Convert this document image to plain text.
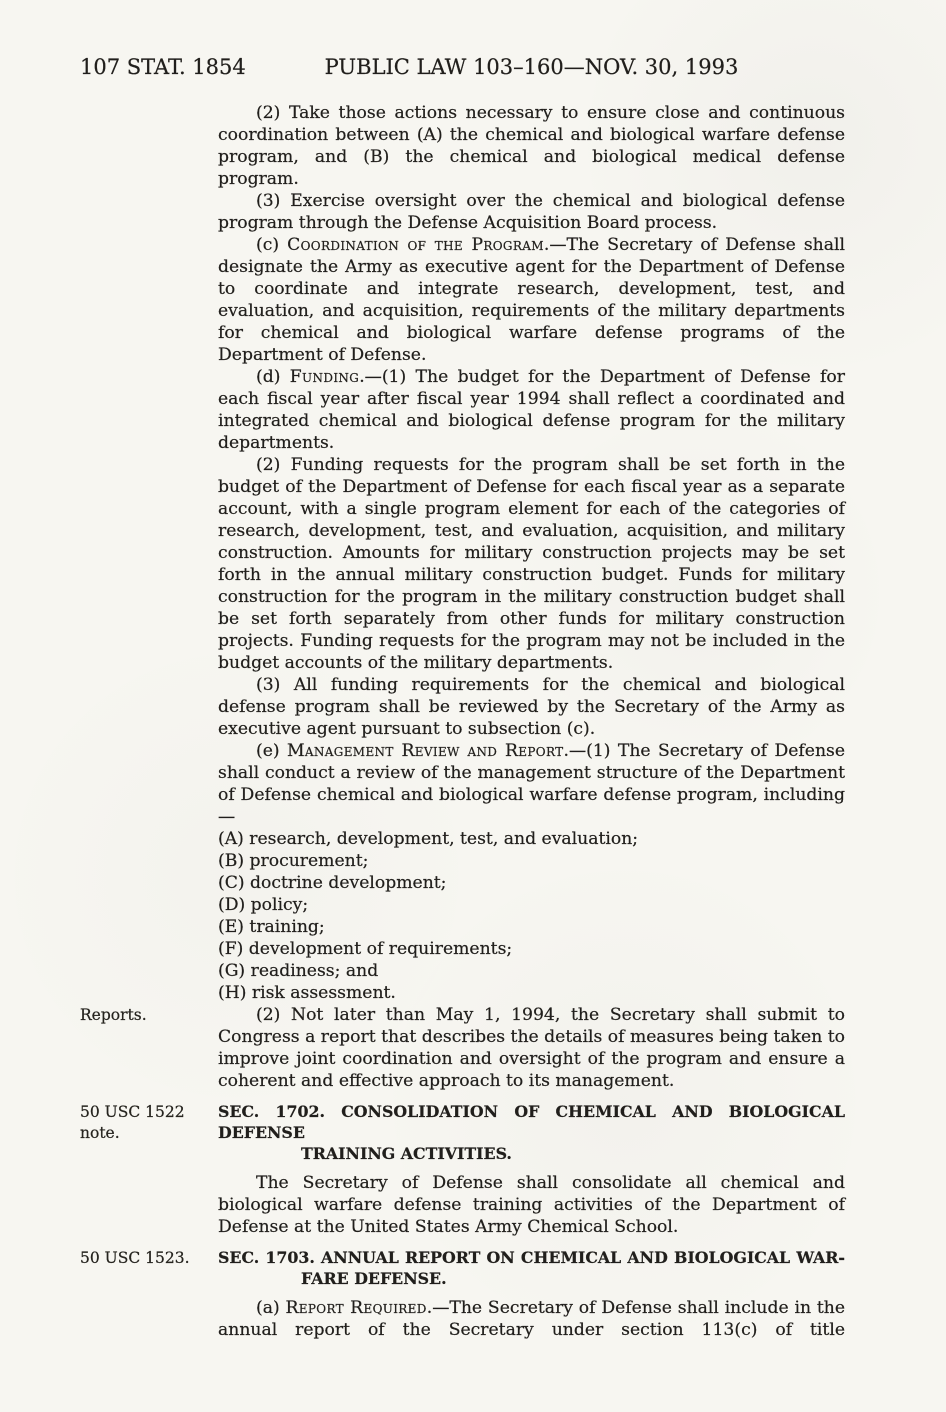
107 STAT. 1854	PUBLIC LAW 103–160—NOV. 30, 1993

(2) Take those actions necessary to ensure close and continuous coordination between (A) the chemical and biological warfare defense program, and (B) the chemical and biological medical defense program.

(3) Exercise oversight over the chemical and biological defense program through the Defense Acquisition Board process.

(c) Coordination of the Program.—The Secretary of Defense shall designate the Army as executive agent for the Department of Defense to coordinate and integrate research, development, test, and evaluation, and acquisition, requirements of the military departments for chemical and biological warfare defense programs of the Department of Defense.

(d) Funding.—(1) The budget for the Department of Defense for each fiscal year after fiscal year 1994 shall reflect a coordinated and integrated chemical and biological defense program for the military departments.

(2) Funding requests for the program shall be set forth in the budget of the Department of Defense for each fiscal year as a separate account, with a single program element for each of the categories of research, development, test, and evaluation, acquisition, and military construction. Amounts for military construction projects may be set forth in the annual military construction budget. Funds for military construction for the program in the military construction budget shall be set forth separately from other funds for military construction projects. Funding requests for the program may not be included in the budget accounts of the military departments.

(3) All funding requirements for the chemical and biological defense program shall be reviewed by the Secretary of the Army as executive agent pursuant to subsection (c).

(e) Management Review and Report.—(1) The Secretary of Defense shall conduct a review of the management structure of the Department of Defense chemical and biological warfare defense program, including—

(A) research, development, test, and evaluation;

(B) procurement;

(C) doctrine development;

(D) policy;

(E) training;

(F) development of requirements;

(G) readiness; and

(H) risk assessment.

Reports.	(2) Not later than May 1, 1994, the Secretary shall submit to Congress a report that describes the details of measures being taken to improve joint coordination and oversight of the program and ensure a coherent and effective approach to its management.

50 USC 1522 note.
SEC. 1702. CONSOLIDATION OF CHEMICAL AND BIOLOGICAL DEFENSE
TRAINING ACTIVITIES.

The Secretary of Defense shall consolidate all chemical and biological warfare defense training activities of the Department of Defense at the United States Army Chemical School.

50 USC 1523.	SEC. 1703. ANNUAL REPORT ON CHEMICAL AND BIOLOGICAL WAR-
FARE DEFENSE.

(a) Report Required.—The Secretary of Defense shall include in the annual report of the Secretary under section 113(c) of title
